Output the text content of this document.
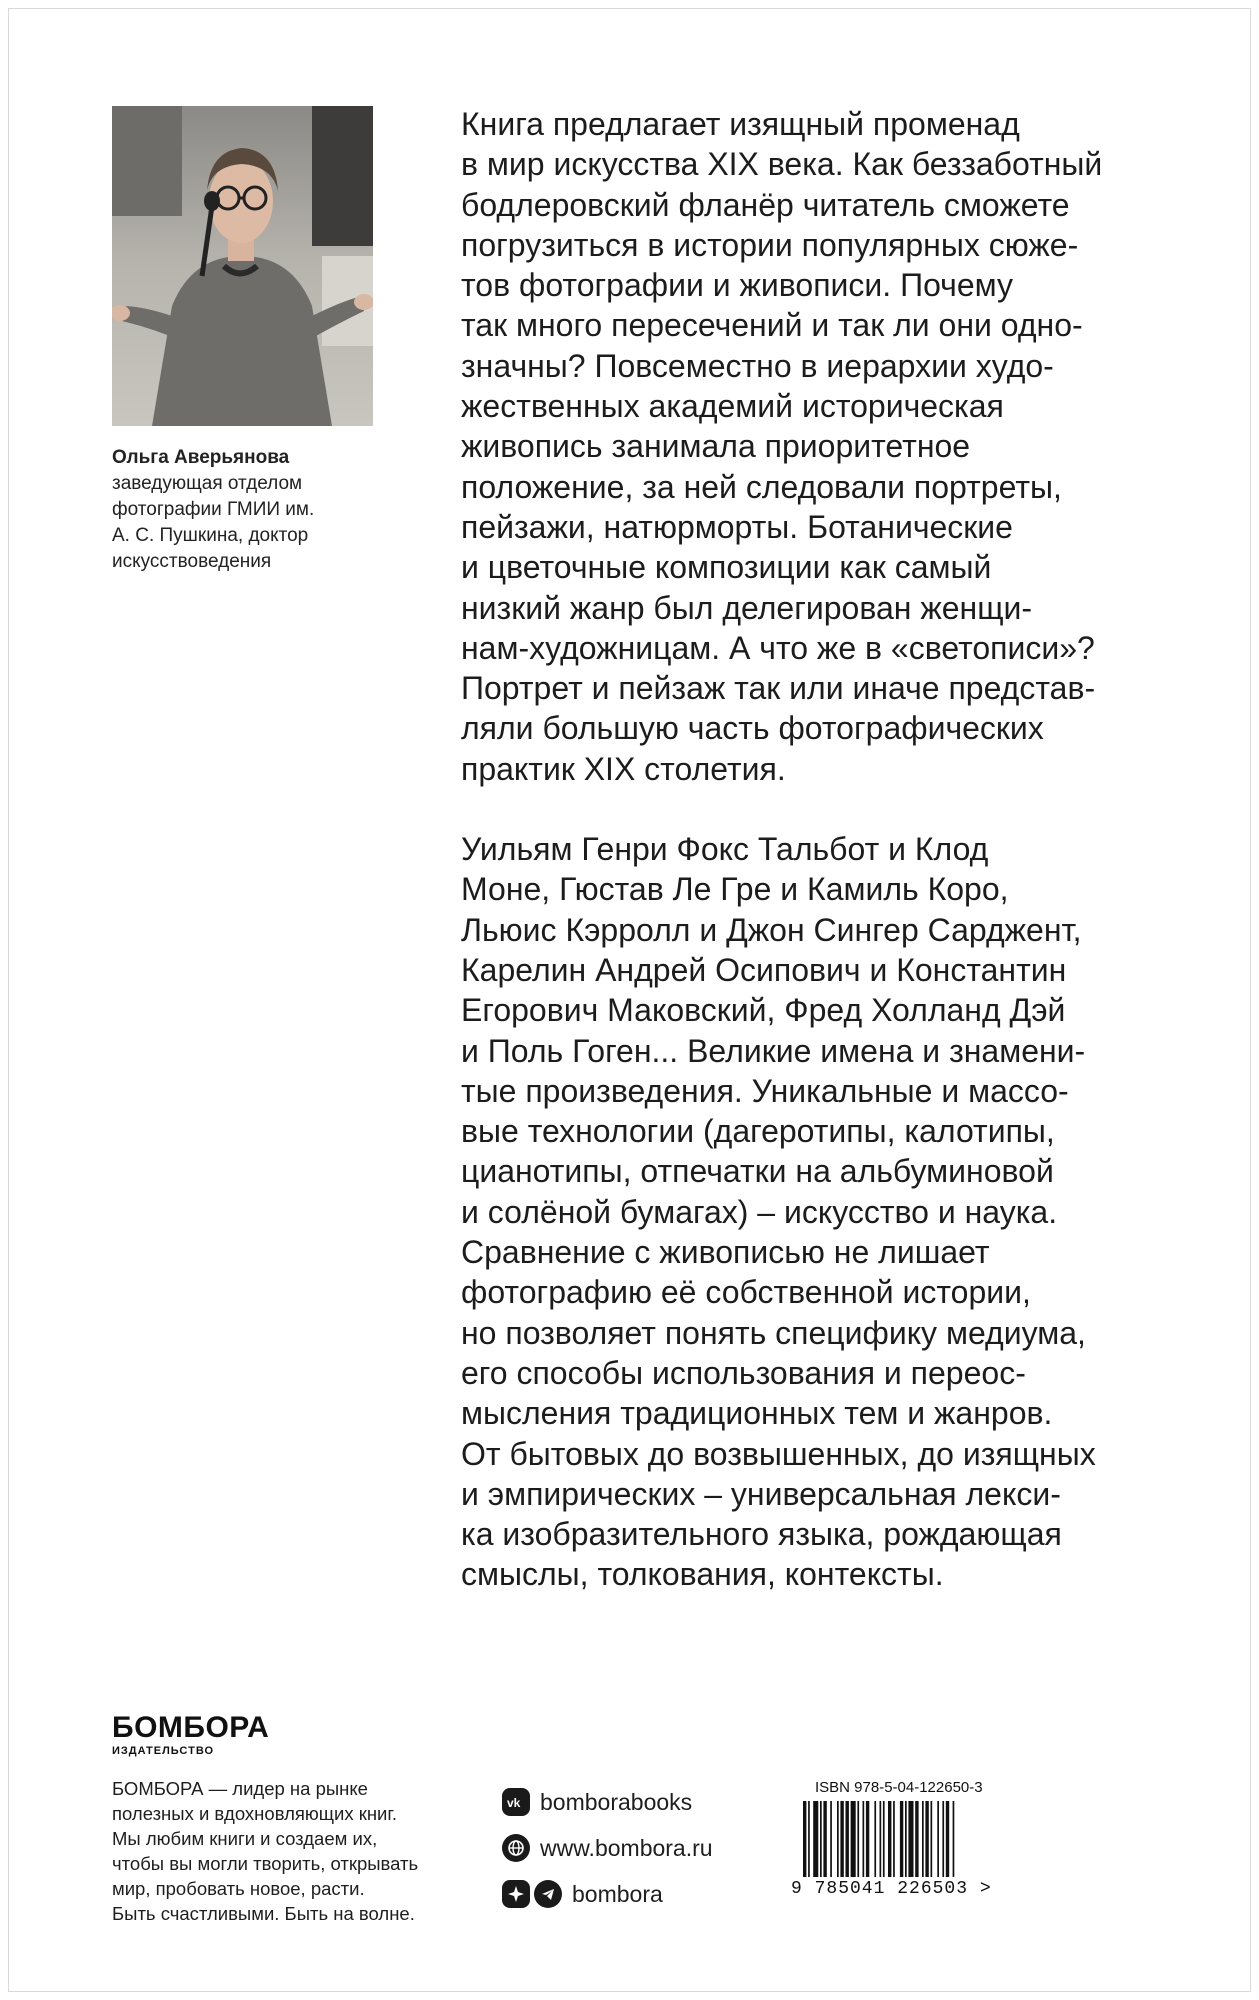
Ольга Аверьянова
заведующая отделом
фотографии ГМИИ им.
А. С. Пушкина, доктор
искусствоведения

Книга предлагает изящный променад
в мир искусства XIX века. Как беззаботный
бодлеровский фланёр читатель сможете
погрузиться в истории популярных сюже-
тов фотографии и живописи. Почему
так много пересечений и так ли они одно-
значны? Повсеместно в иерархии худо-
жественных академий историческая
живопись занимала приоритетное
положение, за ней следовали портреты,
пейзажи, натюрморты. Ботанические
и цветочные композиции как самый
низкий жанр был делегирован женщи-
нам-художницам. А что же в «светописи»?
Портрет и пейзаж так или иначе представ-
ляли большую часть фотографических
практик XIX столетия.

Уильям Генри Фокс Тальбот и Клод
Моне, Гюстав Ле Гре и Камиль Коро,
Льюис Кэрролл и Джон Сингер Сарджент,
Карелин Андрей Осипович и Константин
Егорович Маковский, Фред Холланд Дэй
и Поль Гоген... Великие имена и знамени-
тые произведения. Уникальные и массо-
вые технологии (дагеротипы, калотипы,
цианотипы, отпечатки на альбуминовой
и солёной бумагах) – искусство и наука.
Сравнение с живописью не лишает
фотографию её собственной истории,
но позволяет понять специфику медиума,
его способы использования и переос-
мысления традиционных тем и жанров.
От бытовых до возвышенных, до изящных
и эмпирических – универсальная лекси-
ка изобразительного языка, рождающая
смыслы, толкования, контексты.

БОМБОРА
ИЗДАТЕЛЬСТВО
БОМБОРА — лидер на рынке
полезных и вдохновляющих книг.
Мы любим книги и создаем их,
чтобы вы могли творить, открывать
мир, пробовать новое, расти.
Быть счастливыми. Быть на волне.
vk bomborabooks
www.bombora.ru
bombora
ISBN 978-5-04-122650-3
9 785041 226503 >
